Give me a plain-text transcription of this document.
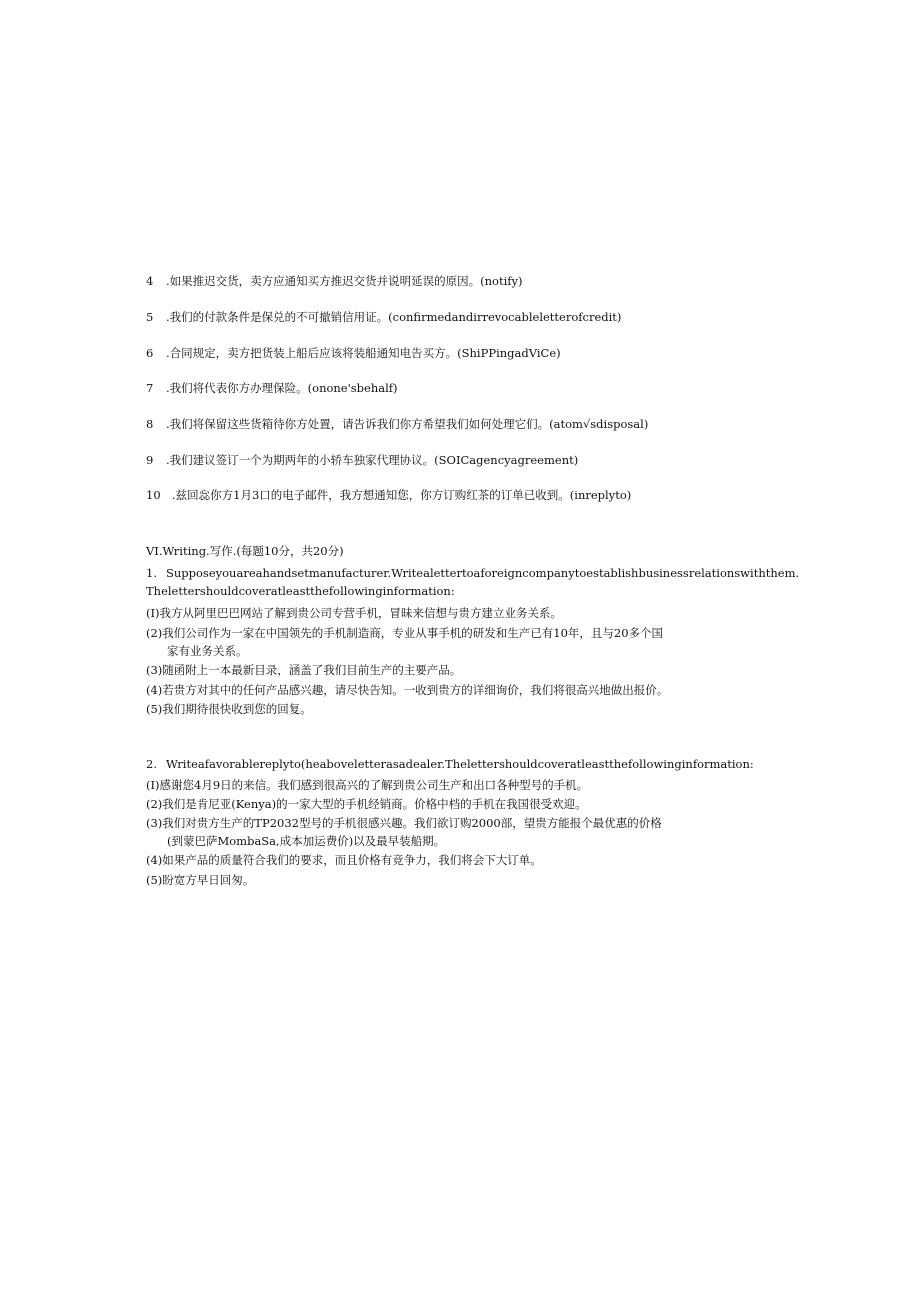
4 .如果推迟交货，卖方应通知买方推迟交货并说明延误的原因。(notify)
5 .我们的付款条件是保兑的不可撤销信用证。(confirmedandirrevocableletterofcredit)
6 .合同规定，卖方把货装上船后应该将装船通知电告买方。(ShiPPingadViCe)
7 .我们将代表你方办理保险。(onone'sbehalf)
8 .我们将保留这些货箱待你方处置，请告诉我们你方希望我们如何处理它们。(atom√sdisposal)
9 .我们建议签订一个为期两年的小轿车独家代理协议。(SOICagencyagreement)
10 .兹回惢你方1月3口的电子邮件，我方想通知您，你方订购红茶的订单已收到。(inreplyto)
VI.Writing.写作.(每题10分，共20分)
1. Supposeyouareahandsetmanufacturer.Writealettertoaforeigncompanytoestablishbusinessrelationswiththem.
Thelettershouldcoveratleastthefollowinginformation:
(I)我方从阿里巴巴网站了解到贵公司专营手机，冒昧来信想与贵方建立业务关系。
(2)我们公司作为一家在中国领先的手机制造商，专业从事手机的研发和生产已有10年，且与20多个国
家有业务关系。
(3)随函附上一本最新目录，涵盖了我们目前生产的主要产品。
(4)若贵方对其中的任何产品感兴趣，请尽快告知。一收到贵方的详细询价，我们将很高兴地做出报价。
(5)我们期待很快收到您的回复。
2. Writeafavorablereplyto(heaboveletterasadealer.Thelettershouldcoveratleastthefollowinginformation:
(I)感谢您4月9日的来信。我们感到很高兴的了解到贵公司生产和出口各种型号的手机。
(2)我们是肯尼亚(Kenya)的一家大型的手机经销商。价格中档的手机在我国很受欢迎。
(3)我们对贵方生产的TP2032型号的手机很感兴趣。我们欲订购2000部，望贵方能报个最优惠的价格
(到蒙巴萨MombaSa,成本加运费价)以及最早装船期。
(4)如果产品的质量符合我们的要求，而且价格有竞争力，我们将会下大订单。
(5)盼宽方早日回匆。
